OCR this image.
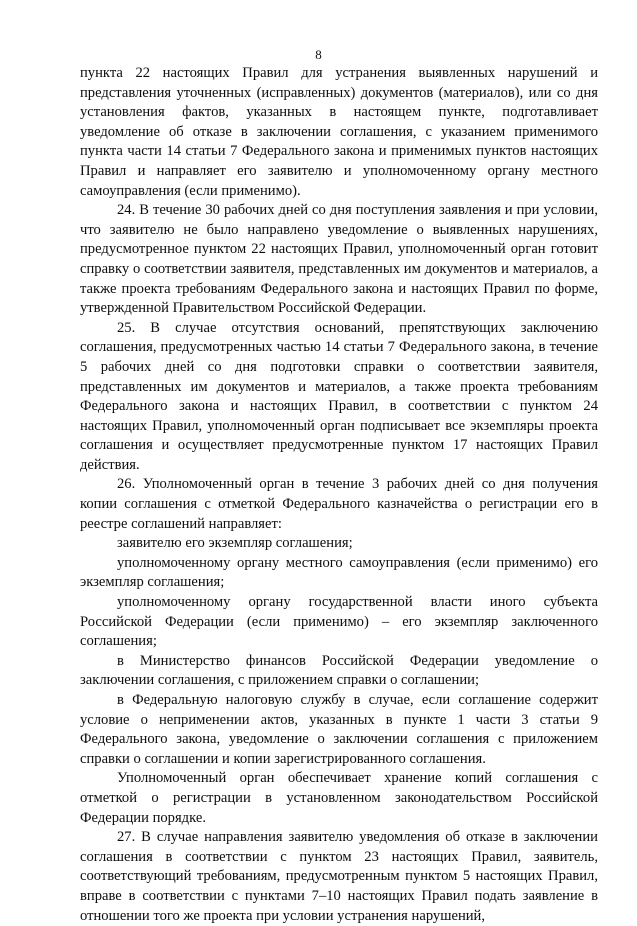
8

пункта 22 настоящих Правил для устранения выявленных нарушений и представления уточненных (исправленных) документов (материалов), или со дня установления фактов, указанных в настоящем пункте, подготавливает уведомление об отказе в заключении соглашения, с указанием применимого пункта части 14 статьи 7 Федерального закона и применимых пунктов настоящих Правил и направляет его заявителю и уполномоченному органу местного самоуправления (если применимо).

24. В течение 30 рабочих дней со дня поступления заявления и при условии, что заявителю не было направлено уведомление о выявленных нарушениях, предусмотренное пунктом 22 настоящих Правил, уполномоченный орган готовит справку о соответствии заявителя, представленных им документов и материалов, а также проекта требованиям Федерального закона и настоящих Правил по форме, утвержденной Правительством Российской Федерации.

25. В случае отсутствия оснований, препятствующих заключению соглашения, предусмотренных частью 14 статьи 7 Федерального закона, в течение 5 рабочих дней со дня подготовки справки о соответствии заявителя, представленных им документов и материалов, а также проекта требованиям Федерального закона и настоящих Правил, в соответствии с пунктом 24 настоящих Правил, уполномоченный орган подписывает все экземпляры проекта соглашения и осуществляет предусмотренные пунктом 17 настоящих Правил действия.

26. Уполномоченный орган в течение 3 рабочих дней со дня получения копии соглашения с отметкой Федерального казначейства о регистрации его в реестре соглашений направляет:

заявителю его экземпляр соглашения;

уполномоченному органу местного самоуправления (если применимо) его экземпляр соглашения;

уполномоченному органу государственной власти иного субъекта Российской Федерации (если применимо) – его экземпляр заключенного соглашения;

в Министерство финансов Российской Федерации уведомление о заключении соглашения, с приложением справки о соглашении;

в Федеральную налоговую службу в случае, если соглашение содержит условие о неприменении актов, указанных в пункте 1 части 3 статьи 9 Федерального закона, уведомление о заключении соглашения с приложением справки о соглашении и копии зарегистрированного соглашения.

Уполномоченный орган обеспечивает хранение копий соглашения с отметкой о регистрации в установленном законодательством Российской Федерации порядке.

27. В случае направления заявителю уведомления об отказе в заключении соглашения в соответствии с пунктом 23 настоящих Правил, заявитель, соответствующий требованиям, предусмотренным пунктом 5 настоящих Правил, вправе в соответствии с пунктами 7–10 настоящих Правил подать заявление в отношении того же проекта при условии устранения нарушений,
